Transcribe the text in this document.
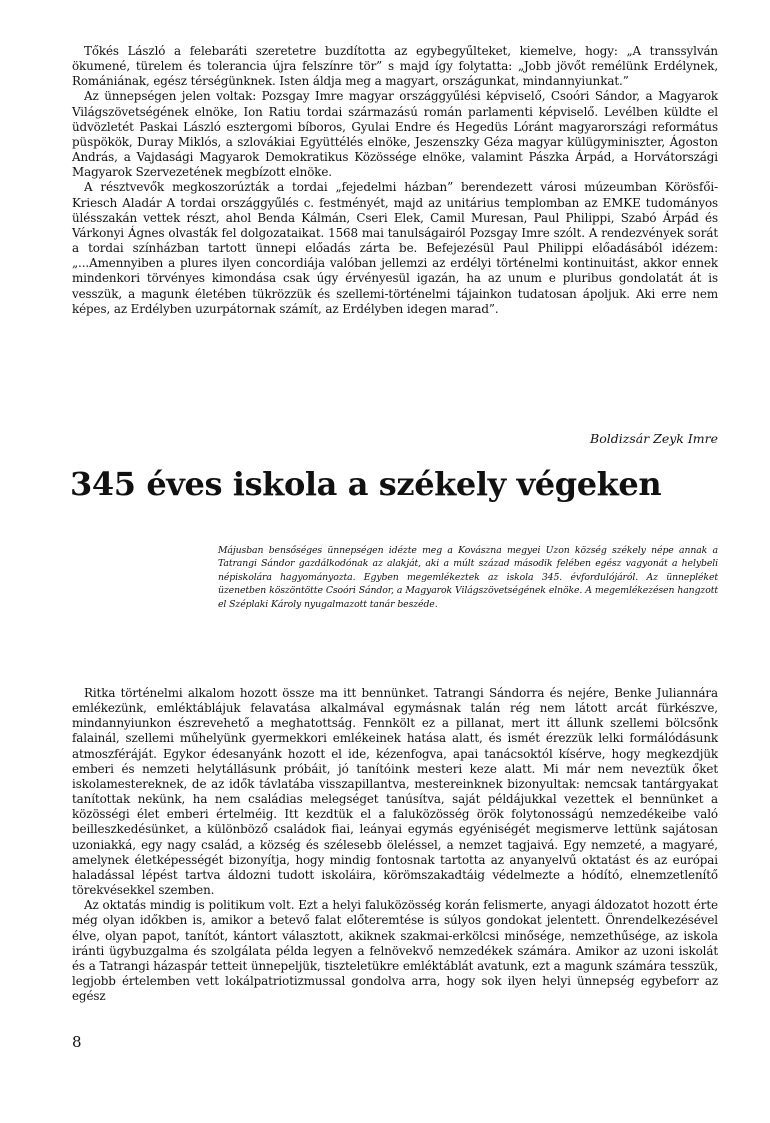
Tőkés László a felebaráti szeretetre buzdította az egybegyűlteket, kiemelve, hogy: „A transsylván ökumené, türelem és tolerancia újra felszínre tör” s majd így folytatta: „Jobb jövőt remélünk Erdélynek, Romániának, egész térségünknek. Isten áldja meg a magyart, országunkat, mindannyiunkat.”

Az ünnepségen jelen voltak: Pozsgay Imre magyar országgyűlési képviselő, Csoóri Sándor, a Magyarok Világszövetségének elnöke, Ion Ratiu tordai származású román parlamenti képviselő. Levélben küldte el üdvözletét Paskai László esztergomi bíboros, Gyulai Endre és Hegedüs Lóránt magyarországi református püspökök, Duray Miklós, a szlovákiai Együttélés elnöke, Jeszenszky Géza magyar külügyminiszter, Ágoston András, a Vajdasági Magyarok Demokratikus Közössége elnöke, valamint Pászka Árpád, a Horvátországi Magyarok Szervezetének megbízott elnöke.

A résztvevők megkoszorúzták a tordai „fejedelmi házban” berendezett városi múzeumban Körösfői-Kriesch Aladár A tordai országgyűlés c. festményét, majd az unitárius templomban az EMKE tudományos ülésszakán vettek részt, ahol Benda Kálmán, Cseri Elek, Camil Muresan, Paul Philippi, Szabó Árpád és Várkonyi Ágnes olvasták fel dolgozataikat. 1568 mai tanulságairól Pozsgay Imre szólt. A rendezvények sorát a tordai színházban tartott ünnepi előadás zárta be. Befejezésül Paul Philippi előadásából idézem: „...Amennyiben a plures ilyen concordiája valóban jellemzi az erdélyi történelmi kontinuitást, akkor ennek mindenkori törvényes kimondása csak úgy érvényesül igazán, ha az unum e pluribus gondolatát át is vesszük, a magunk életében tükrözzük és szellemi-történelmi tájainkon tudatosan ápoljuk. Aki erre nem képes, az Erdélyben uzurpátornak számít, az Erdélyben idegen marad”.

Boldizsár Zeyk Imre
345 éves iskola a székely végeken

Májusban bensőséges ünnepségen idézte meg a Kovászna megyei Uzon község székely népe annak a Tatrangi Sándor gazdálkodónak az alakját, aki a múlt század második felében egész vagyonát a helybeli népiskolára hagyományozta. Egyben megemlékeztek az iskola 345. évfordulójáról. Az ünnepléket üzenetben köszöntötte Csoóri Sándor, a Magyarok Világszövetségének elnöke. A megemlékezésen hangzott el Széplaki Károly nyugalmazott tanár beszéde.

Ritka történelmi alkalom hozott össze ma itt bennünket. Tatrangi Sándorra és nejére, Benke Juliannára emlékezünk, emléktáblájuk felavatása alkalmával egymásnak talán rég nem látott arcát fürkészve, mindannyiunkon észrevehető a meghatottság. Fennkölt ez a pillanat, mert itt állunk szellemi bölcsőnk falainál, szellemi műhelyünk gyermekkori emlékeinek hatása alatt, és ismét érezzük lelki formálódásunk atmoszféráját. Egykor édesanyánk hozott el ide, kézenfogva, apai tanácsoktól kísérve, hogy megkezdjük emberi és nemzeti helytállásunk próbáit, jó tanítóink mesteri keze alatt. Mi már nem neveztük őket iskolamestereknek, de az idők távlatába visszapillantva, mestereinknek bizonyultak: nemcsak tantárgyakat tanítottak nekünk, ha nem családias melegséget tanúsítva, saját példájukkal vezettek el bennünket a közösségi élet emberi értelméig. Itt kezdtük el a faluközösség örök folytonosságú nemzedékeibe való beilleszkedésünket, a különböző családok fiai, leányai egymás egyéniségét megismerve lettünk sajátosan uzoniakká, egy nagy család, a község és szélesebb öleléssel, a nemzet tagjaivá. Egy nemzeté, a magyaré, amelynek életképességét bizonyítja, hogy mindig fontosnak tartotta az anyanyelvű oktatást és az európai haladással lépést tartva áldozni tudott iskoláira, körömszakadtáig védelmezte a hódító, elnemzetlenítő törekvésekkel szemben.

Az oktatás mindig is politikum volt. Ezt a helyi faluközösség korán felismerte, anyagi áldozatot hozott érte még olyan időkben is, amikor a betevő falat előteremtése is súlyos gondokat jelentett. Önrendelkezésével élve, olyan papot, tanítót, kántort választott, akiknek szakmai-erkölcsi minősége, nemzethűsége, az iskola iránti ügybuzgalma és szolgálata példa legyen a felnövekvő nemzedékek számára. Amikor az uzoni iskolát és a Tatrangi házaspár tetteit ünnepeljük, tiszteletükre emléktáblát avatunk, ezt a magunk számára tesszük, legjobb értelemben vett lokálpatriotizmussal gondolva arra, hogy sok ilyen helyi ünnepség egybeforr az egész

8
